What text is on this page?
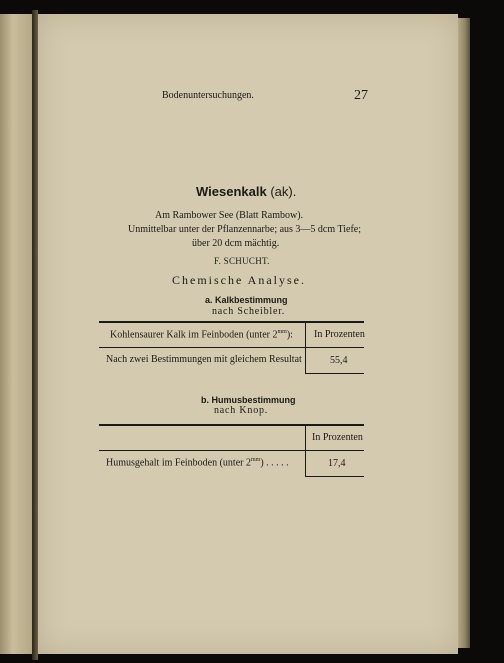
Bodenuntersuchungen.	27
Wiesenkalk (ak).
Am Rambower See (Blatt Rambow).
Unmittelbar unter der Pflanzennarbe; aus 3—5 dcm Tiefe;
über 20 dcm mächtig.
F. SCHUCHT.
Chemische Analyse.
a. Kalkbestimmung
nach Scheibler.
Kohlensaurer Kalk im Feinboden (unter $2^{mm}$): In Prozenten
Nach zwei Bestimmungen mit gleichem Resultat . 55,4
b. Humusbestimmung
nach Knop.
In Prozenten
Humusgehalt im Feinboden (unter $2^{mm}$) . . . . .	17,4
